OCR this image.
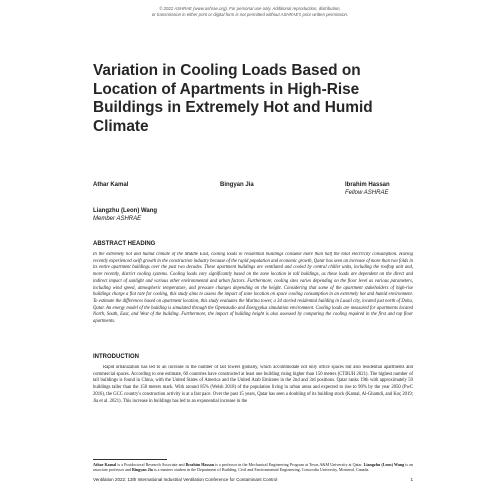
© 2022 ASHRAE (www.ashrae.org). For personal use only. Additional reproduction, distribution,
or transmission in either print or digital form is not permitted without ASHRAE's prior written permission.
Variation in Cooling Loads Based on
Location of Apartments in High-Rise
Buildings in Extremely Hot and Humid
Climate
Athar Kamal	Bingyan Jia	Ibrahim Hassan
Fellow ASHRAE
Liangzhu (Leon) Wang
Member ASHRAE
ABSTRACT HEADING
In the extremely hot and humid climate of the Middle East, cooling loads in residential buildings consume more than half the total electricity consumption. Having recently experienced swift growth in the construction industry because of the rapid population and economic growth, Qatar has seen an increase of more than two folds in its entire apartment buildings over the past two decades. These apartment buildings are ventilated and cooled by central chiller units, including the rooftop unit and, more recently, district cooling systems. Cooling loads vary significantly based on the zone location in tall buildings, as these loads are dependent on the direct and indirect impact of sunlight and various other environmental and urban factors. Furthermore, cooling sites varies depending on the floor level as various parameters, including wind speed, atmospheric temperature, and pressure changes depending on the height. Considering that some of the apartment stakeholders of high-rise buildings charge a flat rate for cooling, this study aims to assess the impact of zone location on space cooling consumption in an extremely hot and humid environment. To estimate the differences based on apartment location, this study evaluates the Marina tower, a 34 storied residential building in Lusail city, located just north of Doha, Qatar. An energy model of the building is simulated through the Openstudio and Energyplus simulation environment. Cooling loads are measured for apartments located North, South, East, and West of the building. Furthermore, the impact of building height is also assessed by comparing the cooling required in the first and top floor apartments.
INTRODUCTION
Rapid urbanization has led to an increase in the number of tall towers globally, which accommodate not only office spaces but also residential apartments and commercial spaces. According to one estimate, 60 countries have constructed at least one building rising higher than 150 meters (CTBUH 2021). The highest number of tall buildings is found in China, with the United States of America and the United Arab Emirates in the 2nd and 3rd positions. Qatar ranks 19th with approximately 59 buildings taller than the 150 meters mark. With around 85% (Welsh 2018) of the population living in urban areas and expected to rise to 90% by the year 2050 (PwC 2016), the GCC country's construction activity is at a fast pace. Over the past 15 years, Qatar has seen a doubling of its building stock (Kamal, Al-Ghamdi, and Koç 2019; Jia et al. 2021). This increase in buildings has led to an exponential increase in the
Athar Kamal is a Postdoctoral Research Associate and Ibrahim Hassan is a professor in the Mechanical Engineering Program at Texas A&M University at Qatar. Liangzhu (Leon) Wang is an associate professor and Bingyan Jia is a masters student in the Department of Building, Civil and Environmental Engineering, Concordia University, Montreal, Canada.
Ventilation 2022: 13th International Industrial Ventilation Conference for Contaminant Control	1
